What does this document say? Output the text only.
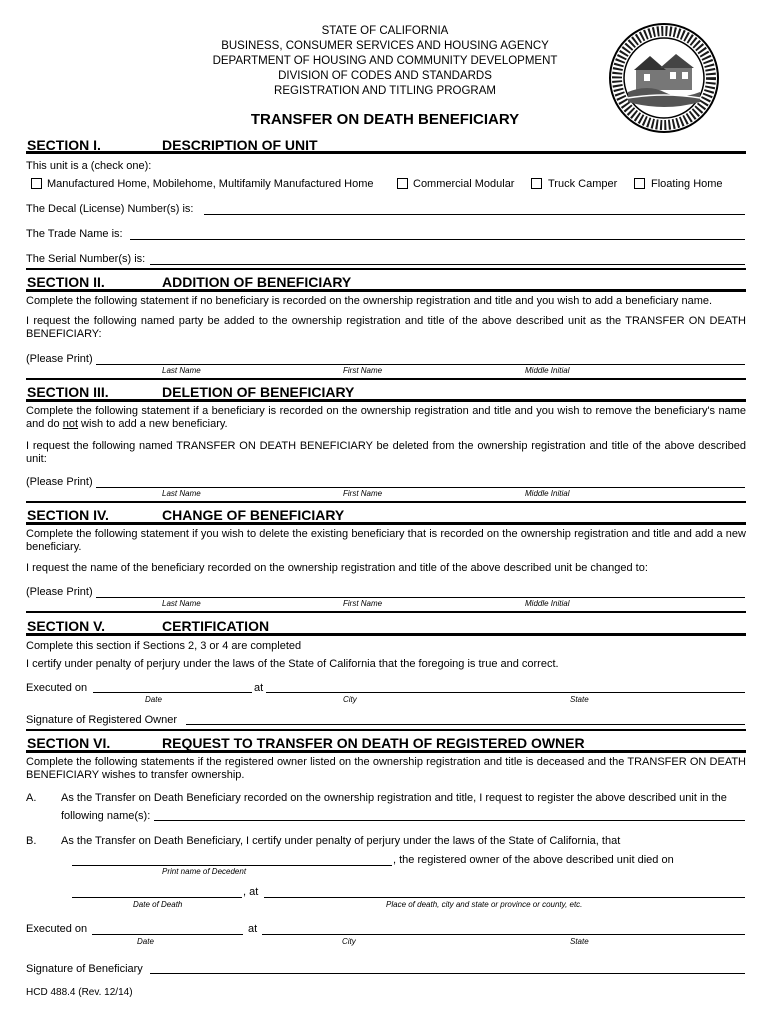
STATE OF CALIFORNIA
BUSINESS, CONSUMER SERVICES AND HOUSING AGENCY
DEPARTMENT OF HOUSING AND COMMUNITY DEVELOPMENT
DIVISION OF CODES AND STANDARDS
REGISTRATION AND TITLING PROGRAM
TRANSFER ON DEATH BENEFICIARY
SECTION I.	DESCRIPTION OF UNIT
This unit is a (check one):
Manufactured Home, Mobilehome, Multifamily Manufactured Home	Commercial Modular	Truck Camper	Floating Home
The Decal (License) Number(s) is:
The Trade Name is:
The Serial Number(s) is:
SECTION II.	ADDITION OF BENEFICIARY
Complete the following statement if no beneficiary is recorded on the ownership registration and title and you wish to add a beneficiary name.
I request the following named party be added to the ownership registration and title of the above described unit as the TRANSFER ON DEATH BENEFICIARY:
(Please Print)
Last Name	First Name	Middle Initial
SECTION III.	DELETION OF BENEFICIARY
Complete the following statement if a beneficiary is recorded on the ownership registration and title and you wish to remove the beneficiary's name and do not wish to add a new beneficiary.
I request the following named TRANSFER ON DEATH BENEFICIARY be deleted from the ownership registration and title of the above described unit:
(Please Print)
Last Name	First Name	Middle Initial
SECTION IV.	CHANGE OF BENEFICIARY
Complete the following statement if you wish to delete the existing beneficiary that is recorded on the ownership registration and title and add a new beneficiary.
I request the name of the beneficiary recorded on the ownership registration and title of the above described unit be changed to:
(Please Print)
Last Name	First Name	Middle Initial
SECTION V.	CERTIFICATION
Complete this section if Sections 2, 3 or 4 are completed
I certify under penalty of perjury under the laws of the State of California that the foregoing is true and correct.
Executed on	at
Date	City	State
Signature of Registered Owner
SECTION VI.	REQUEST TO TRANSFER ON DEATH OF REGISTERED OWNER
Complete the following statements if the registered owner listed on the ownership registration and title is deceased and the TRANSFER ON DEATH BENEFICIARY wishes to transfer ownership.
A. As the Transfer on Death Beneficiary recorded on the ownership registration and title, I request to register the above described unit in the
following name(s):
B. As the Transfer on Death Beneficiary, I certify under penalty of perjury under the laws of the State of California, that
, the registered owner of the above described unit died on
Print name of Decedent
, at
Date of Death	Place of death, city and state or province or county, etc.
Executed on	at
Date	City	State
Signature of Beneficiary
HCD 488.4 (Rev. 12/14)
